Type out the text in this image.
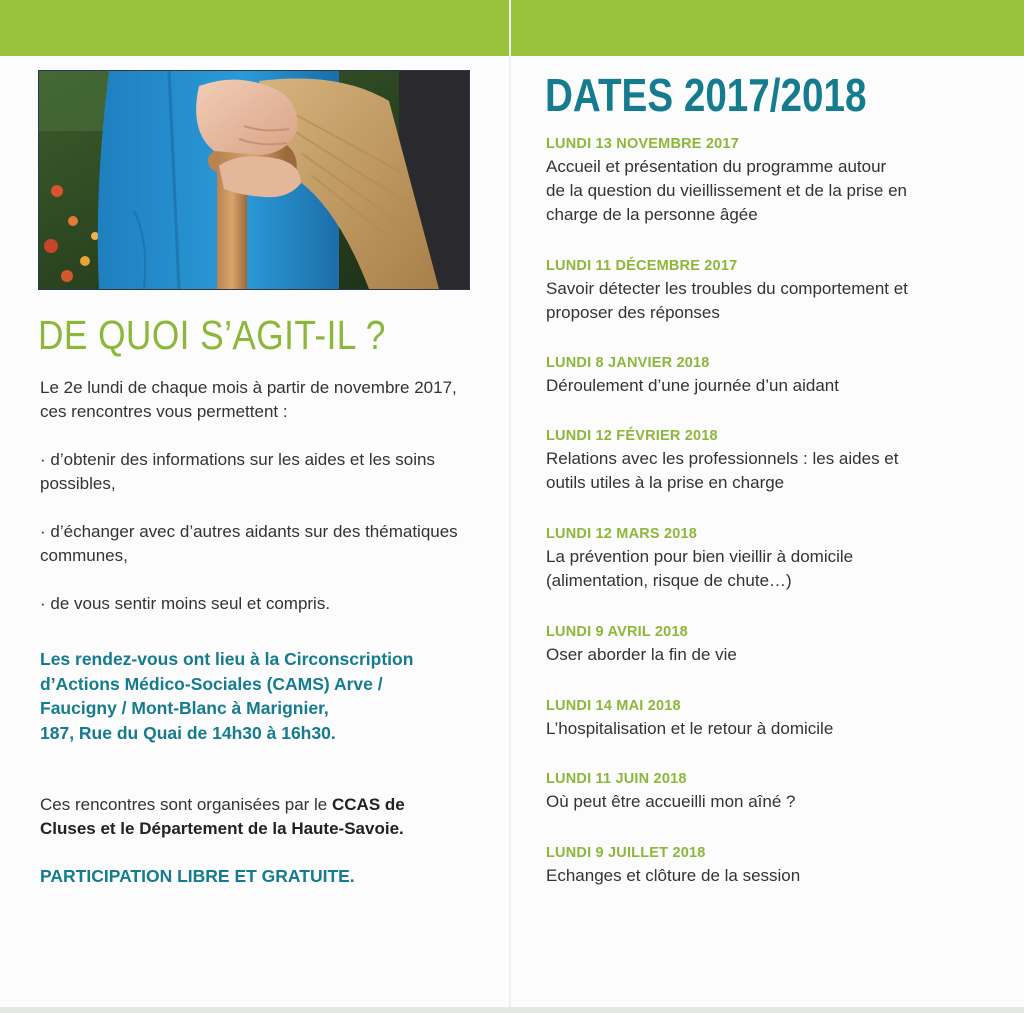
DE QUOI S’AGIT-IL ?

Le 2e lundi de chaque mois à partir de novembre 2017, ces rencontres vous permettent :

· d’obtenir des informations sur les aides et les soins possibles,

· d’échanger avec d’autres aidants sur des thématiques communes,

· de vous sentir moins seul et compris.

Les rendez-vous ont lieu à la Circonscription
d’Actions Médico-Sociales (CAMS) Arve /
Faucigny / Mont-Blanc à Marignier,
187, Rue du Quai de 14h30 à 16h30.
Ces rencontres sont organisées par le CCAS de
Cluses et le Département de la Haute-Savoie.
PARTICIPATION LIBRE ET GRATUITE.
DATES 2017/2018
LUNDI 13 NOVEMBRE 2017
Accueil et présentation du programme autour
de la question du vieillissement et de la prise en
charge de la personne âgée
LUNDI 11 DÉCEMBRE 2017
Savoir détecter les troubles du comportement et
proposer des réponses
LUNDI 8 JANVIER 2018
Déroulement d’une journée d’un aidant
LUNDI 12 FÉVRIER 2018
Relations avec les professionnels : les aides et
outils utiles à la prise en charge
LUNDI 12 MARS 2018
La prévention pour bien vieillir à domicile
(alimentation, risque de chute…)
LUNDI 9 AVRIL 2018
Oser aborder la fin de vie
LUNDI 14 MAI 2018
L’hospitalisation et le retour à domicile
LUNDI 11 JUIN 2018
Où peut être accueilli mon aîné ?
LUNDI 9 JUILLET 2018
Echanges et clôture de la session
